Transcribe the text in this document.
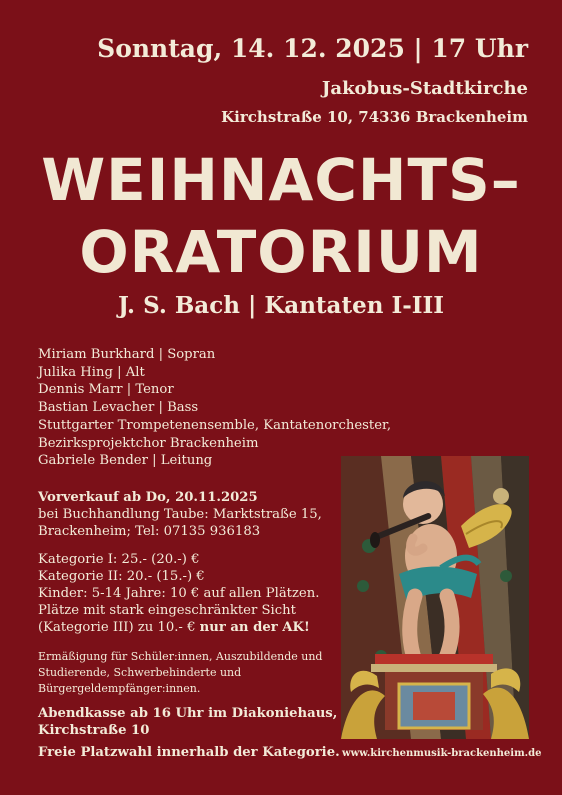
Sonntag, 14. 12. 2025 | 17 Uhr
Jakobus-Stadtkirche
Kirchstraße 10, 74336 Brackenheim
WEIHNACHTS–
ORATORIUM
J. S. Bach | Kantaten I-III
Miriam Burkhard | Sopran
Julika Hing | Alt
Dennis Marr | Tenor
Bastian Levacher | Bass
Stuttgarter Trompetenensemble, Kantatenorchester,
Bezirksprojektchor Brackenheim
Gabriele Bender | Leitung
Vorverkauf ab Do, 20.11.2025
bei Buchhandlung Taube: Marktstraße 15,
Brackenheim; Tel: 07135 936183
Kategorie I: 25.- (20.-) €
Kategorie II: 20.- (15.-) €
Kinder: 5-14 Jahre: 10 € auf allen Plätzen.
Plätze mit stark eingeschränkter Sicht
(Kategorie III) zu 10.- € nur an der AK!
Ermäßigung für Schüler:innen, Auszubildende und
Studierende, Schwerbehinderte und
Bürgergeldempfänger:innen.
Abendkasse ab 16 Uhr im Diakoniehaus,
Kirchstraße 10
Freie Platzwahl innerhalb der Kategorie. www.kirchenmusik-brackenheim.de
